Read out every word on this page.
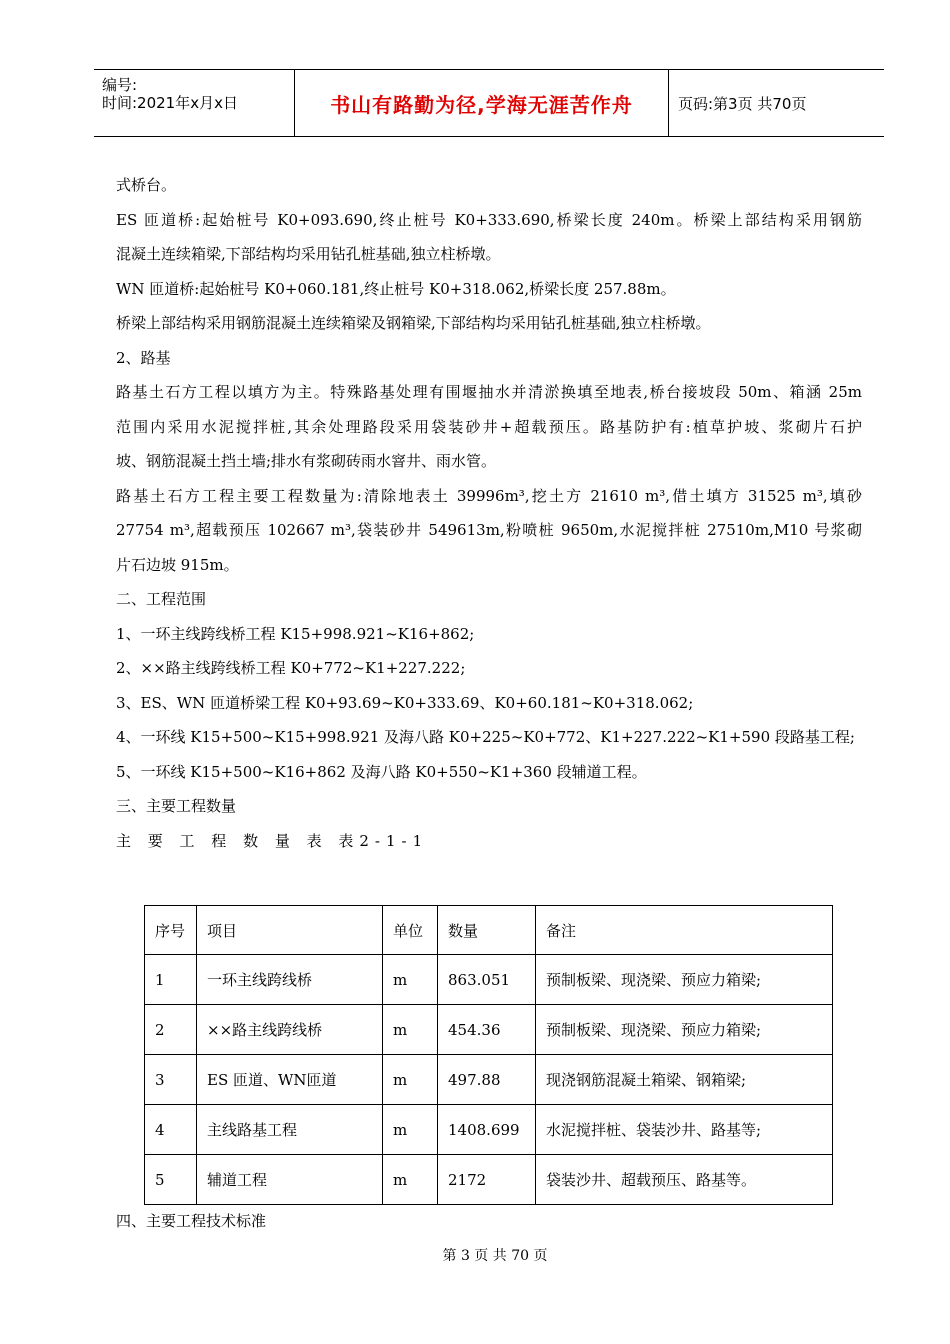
编号:
时间:2021年x月x日	书山有路勤为径,学海无涯苦作舟	页码:第3页 共70页

式桥台。

ES 匝道桥:起始桩号 K0+093.690,终止桩号 K0+333.690,桥梁长度 240m。桥梁上部结构采用钢筋

混凝土连续箱梁,下部结构均采用钻孔桩基础,独立柱桥墩。

WN 匝道桥:起始桩号 K0+060.181,终止桩号 K0+318.062,桥梁长度 257.88m。

桥梁上部结构采用钢筋混凝土连续箱梁及钢箱梁,下部结构均采用钻孔桩基础,独立柱桥墩。

2、路基

路基土石方工程以填方为主。特殊路基处理有围堰抽水并清淤换填至地表,桥台接坡段 50m、箱涵 25m

范围内采用水泥搅拌桩,其余处理路段采用袋装砂井+超载预压。路基防护有:植草护坡、浆砌片石护

坡、钢筋混凝土挡土墙;排水有浆砌砖雨水窨井、雨水管。

路基土石方工程主要工程数量为:清除地表土 39996m³,挖土方 21610 m³,借土填方 31525 m³,填砂

27754 m³,超载预压 102667 m³,袋装砂井 549613m,粉喷桩 9650m,水泥搅拌桩 27510m,M10 号浆砌

片石边坡 915m。

二、工程范围

1、一环主线跨线桥工程 K15+998.921~K16+862;

2、××路主线跨线桥工程 K0+772~K1+227.222;

3、ES、WN 匝道桥梁工程 K0+93.69~K0+333.69、K0+60.181~K0+318.062;

4、一环线 K15+500~K15+998.921 及海八路 K0+225~K0+772、K1+227.222~K1+590 段路基工程;

5、一环线 K15+500~K16+862 及海八路 K0+550~K1+360 段辅道工程。

三、主要工程数量

主 要 工 程 数 量 表 表2-1-1

序号	项目	单位	数量	备注
1	一环主线跨线桥	m	863.051	预制板梁、现浇梁、预应力箱梁;
2	××路主线跨线桥	m	454.36	预制板梁、现浇梁、预应力箱梁;
3	ES 匝道、WN匝道	m	497.88	现浇钢筋混凝土箱梁、钢箱梁;
4	主线路基工程	m	1408.699	水泥搅拌桩、袋装沙井、路基等;
5	辅道工程	m	2172	袋装沙井、超载预压、路基等。
四、主要工程技术标准
第 3 页 共 70 页
